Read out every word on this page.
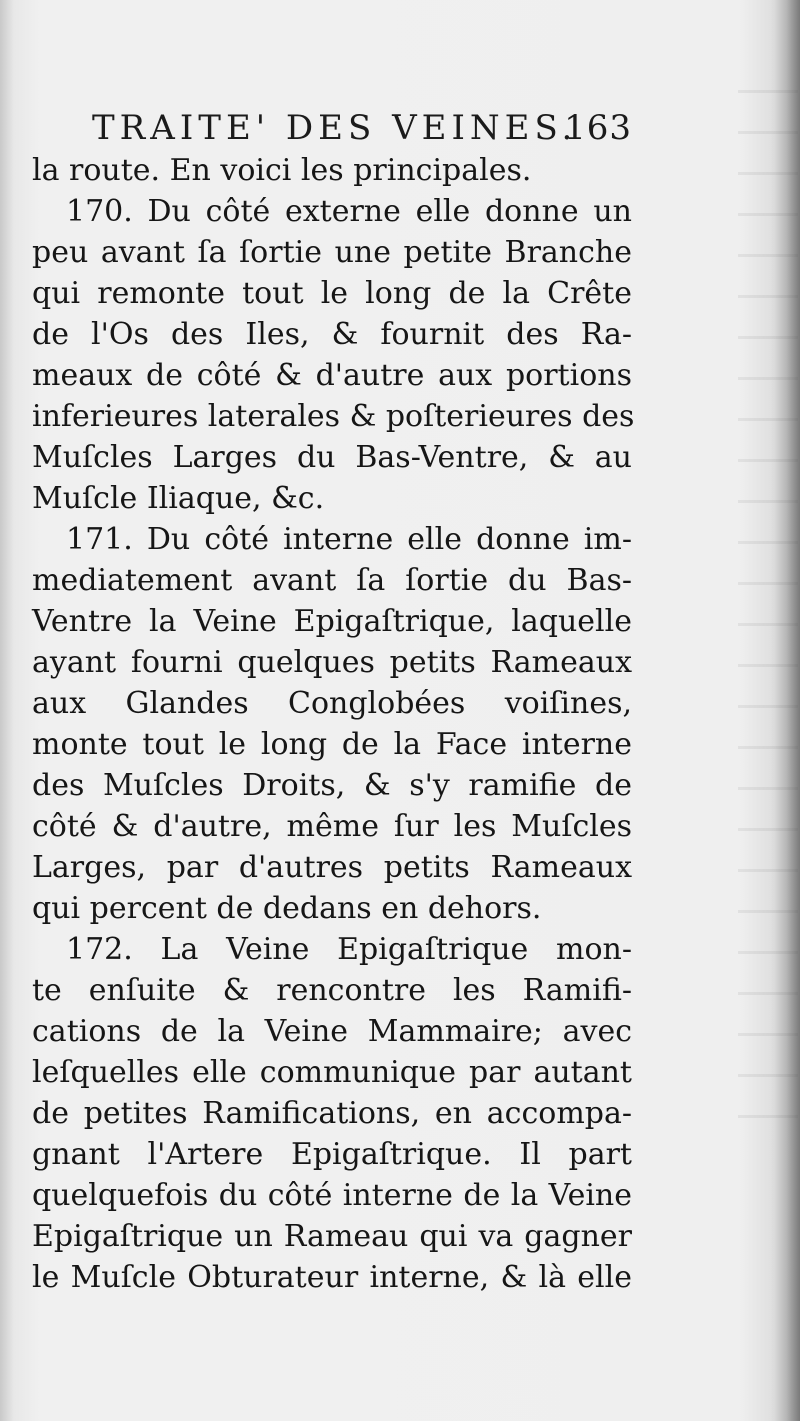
TRAITE' DES VEINES.
163
la route. En voici les principales.
170. Du côté externe elle donne un
peu avant ſa ſortie une petite Branche
qui remonte tout le long de la Crête
de l'Os des Iles, & fournit des Ra-
meaux de côté & d'autre aux portions
inferieures laterales & poſterieures des
Muſcles Larges du Bas-Ventre, & au
Muſcle Iliaque, &c.
171. Du côté interne elle donne im-
mediatement avant ſa ſortie du Bas-
Ventre la Veine Epigaſtrique, laquelle
ayant fourni quelques petits Rameaux
aux Glandes Conglobées voiſines,
monte tout le long de la Face interne
des Muſcles Droits, & s'y ramifie de
côté & d'autre, même ſur les Muſcles
Larges, par d'autres petits Rameaux
qui percent de dedans en dehors.
172. La Veine Epigaſtrique mon-
te enſuite & rencontre les Ramifi-
cations de la Veine Mammaire; avec
leſquelles elle communique par autant
de petites Ramifications, en accompa-
gnant l'Artere Epigaſtrique. Il part
quelquefois du côté interne de la Veine
Epigaſtrique un Rameau qui va gagner
le Muſcle Obturateur interne, & là elle
